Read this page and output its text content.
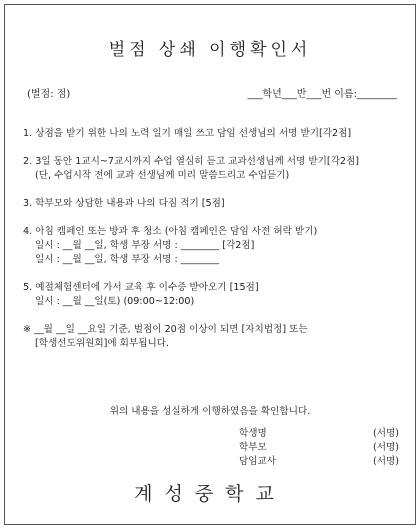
벌점 상쇄 이행확인서
(벌점: 점)	___학년___반___번 이름:________
1. 상점을 받기 위한 나의 노력 일기 매일 쓰고 담임 선생님의 서명 받기[각2점]
2. 3일 동안 1교시~7교시까지 수업 열심히 듣고 교과선생님께 서명 받기[각2점]
(단, 수업시작 전에 교과 선생님께 미리 말씀드리고 수업듣기)
3. 학부모와 상담한 내용과 나의 다짐 적기 [5점]
4. 아침 캠페인 또는 방과 후 청소 (아침 캠페인은 담임 사전 허락 받기)
일시 : __월 __일, 학생 부장 서명 : ________ [각2점]
일시 : __월 __일, 학생 부장 서명 : ________
5. 예절체험센터에 가서 교육 후 이수증 받아오기 [15점]
일시 : __월 __일(토) (09:00~12:00)
※ __월 __일 __요일 기준, 벌점이 20점 이상이 되면 [자치법정] 또는
[학생선도위원회]에 회부됩니다.
위의 내용을 성실하게 이행하였음을 확인합니다.
학생명	(서명)
학부모	(서명)
담임교사	(서명)
계성중학교
